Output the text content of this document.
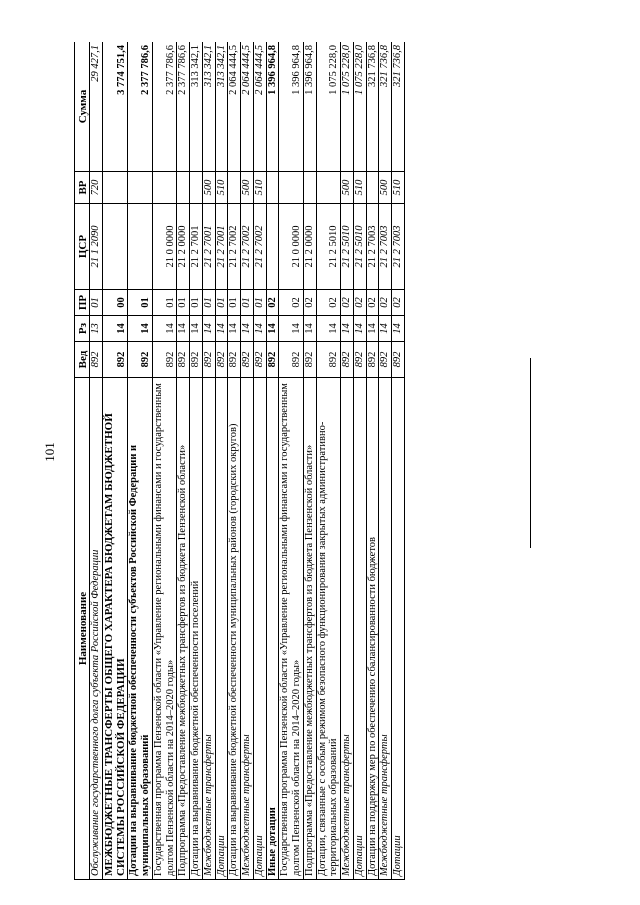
101
Наименование	Вед	Рз	ПР	ЦСР	ВР	Сумма
Обслуживание государственного долга субъекта Российской Федерации	892	13	01	21 1 2090	720	29 427,1
МЕЖБЮДЖЕТНЫЕ ТРАНСФЕРТЫ ОБЩЕГО ХАРАКТЕРА БЮДЖЕТАМ БЮДЖЕТНОЙ СИСТЕМЫ РОССИЙСКОЙ ФЕДЕРАЦИИ	892	14	00			3 774 751,4
Дотации на выравнивание бюджетной обеспеченности субъектов Российской Федерации и муниципальных образований	892	14	01			2 377 786,6
Государственная программа Пензенской области «Управление региональными финансами и государственным долгом Пензенской области на 2014–2020 годы»	892	14	01	21 0 0000		2 377 786,6
Подпрограмма «Предоставление межбюджетных трансфертов из бюджета Пензенской области»	892	14	01	21 2 0000		2 377 786,6
Дотации на выравнивание бюджетной обеспеченности поселений	892	14	01	21 2 7001		313 342,1
Межбюджетные трансферты	892	14	01	21 2 7001	500	313 342,1
Дотации	892	14	01	21 2 7001	510	313 342,1
Дотации на выравнивание бюджетной обеспеченности муниципальных районов (городских округов)	892	14	01	21 2 7002		2 064 444,5
Межбюджетные трансферты	892	14	01	21 2 7002	500	2 064 444,5
Дотации	892	14	01	21 2 7002	510	2 064 444,5
Иные дотации	892	14	02			1 396 964,8
Государственная программа Пензенской области «Управление региональными финансами и государственным долгом Пензенской области на 2014–2020 годы»	892	14	02	21 0 0000		1 396 964,8
Подпрограмма «Предоставление межбюджетных трансфертов из бюджета Пензенской области»	892	14	02	21 2 0000		1 396 964,8
Дотации, связанные с особым режимом безопасного функционирования закрытых административно-территориальных образований	892	14	02	21 2 5010		1 075 228,0
Межбюджетные трансферты	892	14	02	21 2 5010	500	1 075 228,0
Дотации	892	14	02	21 2 5010	510	1 075 228,0
Дотации на поддержку мер по обеспечению сбалансированности бюджетов	892	14	02	21 2 7003		321 736,8
Межбюджетные трансферты	892	14	02	21 2 7003	500	321 736,8
Дотации	892	14	02	21 2 7003	510	321 736,8
